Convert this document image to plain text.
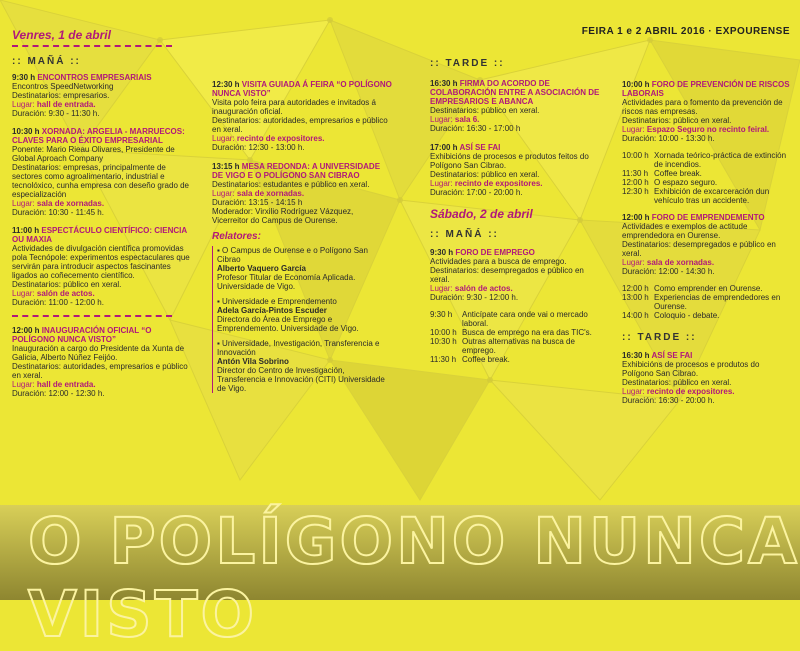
O POLÍGONO NUNCA VISTO
FEIRA 1 e 2 ABRIL 2016 · EXPOURENSE
Venres, 1 de abril
:: MAÑÁ ::
9:30 h ENCONTROS EMPRESARIAIS
Encontros SpeedNetworking
Destinatarios: empresarios.
Lugar: hall de entrada.
Duración: 9:30 - 11:30 h.
10:30 h XORNADA: ARGELIA - MARRUECOS: CLAVES PARA O ÉXITO EMPRESARIAL
Ponente: Mario Rieau Olivares, Presidente de Global Aproach Company
Destinatarios: empresas, principalmente de sectores como agroalimentario, industrial e tecnolóxico, cunha empresa con deseño grado de especialización
Lugar: sala de xornadas.
Duración: 10:30 - 11:45 h.
11:00 h ESPECTÁCULO CIENTÍFICO: CIENCIA OU MAXIA
Actividades de divulgación científica promovidas pola Tecnópole: experimentos espectaculares que servirán para introducir aspectos fascinantes ligados ao coñecemento científico.
Destinatarios: público en xeral.
Lugar: salón de actos.
Duración: 11:00 - 12:00 h.
12:00 h INAUGURACIÓN OFICIAL “O POLÍGONO NUNCA VISTO”
Inauguración a cargo do Presidente da Xunta de Galicia, Alberto Núñez Feijóo.
Destinatarios: autoridades, empresarios e público en xeral.
Lugar: hall de entrada.
Duración: 12:00 - 12:30 h.
12:30 h VISITA GUIADA Á FEIRA “O POLÍGONO NUNCA VISTO”
Visita polo feira para autoridades e invitados á inauguración oficial.
Destinatarios: autoridades, empresarios e público en xeral.
Lugar: recinto de expositores.
Duración: 12:30 - 13:00 h.
13:15 h MESA REDONDA: A UNIVERSIDADE DE VIGO E O POLÍGONO SAN CIBRAO
Destinatarios: estudantes e público en xeral.
Lugar: sala de xornadas.
Duración: 13:15 - 14:15 h
Moderador: Virxilio Rodríguez Vázquez,
Vicerreitor do Campus de Ourense.
Relatores:
▪ O Campus de Ourense e o Polígono San Cibrao
Alberto Vaquero García
Profesor Titular de Economía Aplicada. Universidade de Vigo.
▪ Universidade e Emprendemento
Adela García-Pintos Escuder
Directora do Área de Emprego e Emprendemento. Universidade de Vigo.
▪ Universidade, Investigación, Transferencia e Innovación
Antón Vila Sobrino
Director do Centro de Investigación, Transferencia e Innovación (CITI) Universidade de Vigo.
:: TARDE ::
16:30 h FIRMA DO ACORDO DE COLABORACIÓN ENTRE A ASOCIACIÓN DE EMPRESARIOS E ABANCA
Destinatarios: público en xeral.
Lugar: sala 6.
Duración: 16:30 - 17:00 h
17:00 h ASÍ SE FAI
Exhibicións de procesos e produtos feitos do Polígono San Cibrao.
Destinatarios: público en xeral.
Lugar: recinto de expositores.
Duración: 17:00 - 20:00 h.
Sábado, 2 de abril
:: MAÑÁ ::
9:30 h FORO DE EMPREGO
Actividades para a busca de emprego.
Destinatarios: desempregados e público en xeral.
Lugar: salón de actos.
Duración: 9:30 - 12:00 h.
9:30 h	Anticípate cara onde vai o mercado laboral.
10:00 h Busca de emprego na era das TIC's.
10:30 h Outras alternativas na busca de emprego.
11:30 h Coffee break.
10:00 h FORO DE PREVENCIÓN DE RISCOS LABORAIS
Actividades para o fomento da prevención de riscos nas empresas.
Destinatarios: público en xeral.
Lugar: Espazo Seguro no recinto feiral.
Duración: 10:00 - 13:30 h.
10:00 h Xornada teórico-práctica de extinción de incendios.
11:30 h Coffee break.
12:00 h O espazo seguro.
12:30 h Exhibición de excarceración dun vehículo tras un accidente.
12:00 h FORO DE EMPRENDEMENTO
Actividades e exemplos de actitude emprendedora en Ourense.
Destinatarios: desempregados e público en xeral.
Lugar: sala de xornadas.
Duración: 12:00 - 14:30 h.
12:00 h Como emprender en Ourense.
13:00 h Experiencias de emprendedores en Ourense.
14:00 h Coloquio - debate.
:: TARDE ::
16:30 h ASÍ SE FAI
Exhibicións de procesos e produtos do Polígono San Cibrao.
Destinatarios: público en xeral.
Lugar: recinto de expositores.
Duración: 16:30 - 20:00 h.
